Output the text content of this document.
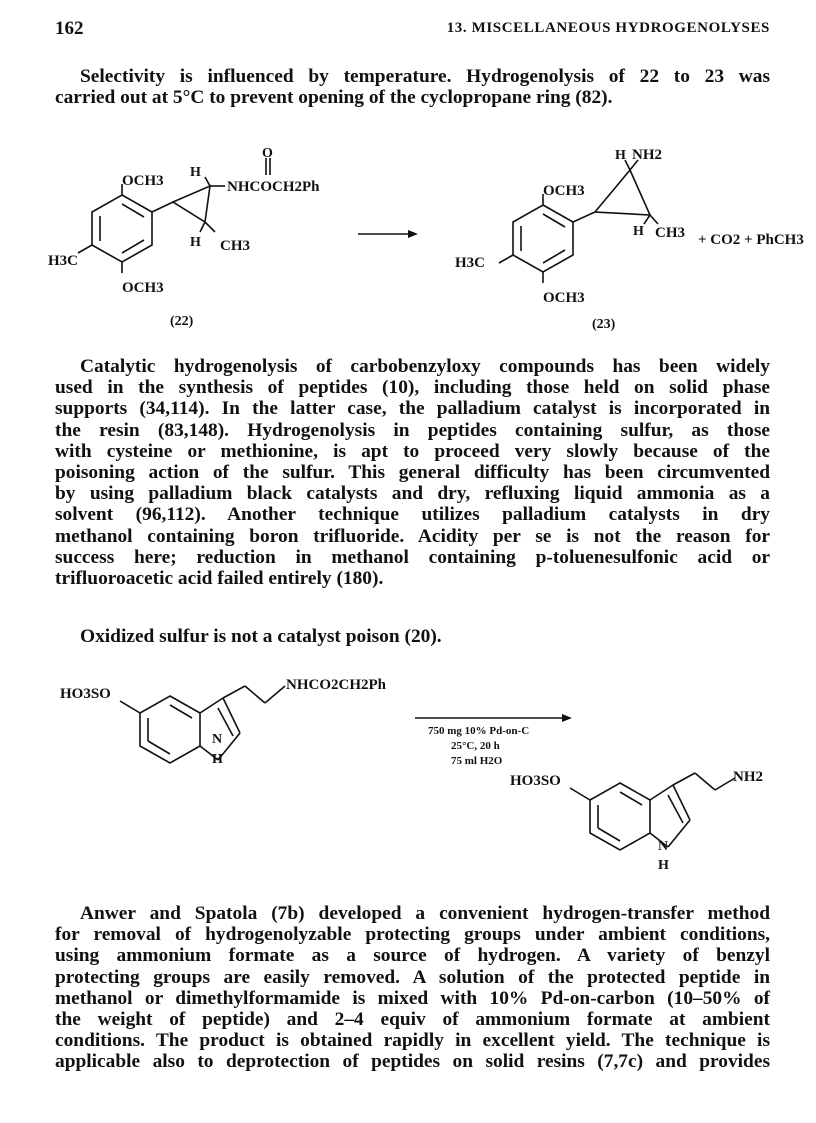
162	13. MISCELLANEOUS HYDROGENOLYSES

Selectivity is influenced by temperature. Hydrogenolysis of 22 to 23 was
carried out at 5°C to prevent opening of the cyclopropane ring (82).

OCH3
OCH3
H3C
H
O
NHCOCH2Ph
H CH3
(22)
OCH3
OCH3
H3C
H NH2
H CH3 + CO2 + PhCH3
(23)

Catalytic hydrogenolysis of carbobenzyloxy compounds has been widely
used in the synthesis of peptides (10), including those held on solid phase
supports (34,114). In the latter case, the palladium catalyst is incorporated in
the resin (83,148). Hydrogenolysis in peptides containing sulfur, as those
with cysteine or methionine, is apt to proceed very slowly because of the
poisoning action of the sulfur. This general difficulty has been circumvented
by using palladium black catalysts and dry, refluxing liquid ammonia as a
solvent (96,112). Another technique utilizes palladium catalysts in dry
methanol containing boron trifluoride. Acidity per se is not the reason for
success here; reduction in methanol containing p-toluenesulfonic acid or
trifluoroacetic acid failed entirely (180).

Oxidized sulfur is not a catalyst poison (20).

HO3SO
NHCO2CH2Ph
N
H
750 mg 10% Pd-on-C
25°C, 20 h
75 ml H2O
HO3SO	NH2
N
H

Anwer and Spatola (7b) developed a convenient hydrogen-transfer method
for removal of hydrogenolyzable protecting groups under ambient conditions,
using ammonium formate as a source of hydrogen. A variety of benzyl
protecting groups are easily removed. A solution of the protected peptide in
methanol or dimethylformamide is mixed with 10% Pd-on-carbon (10–50% of
the weight of peptide) and 2–4 equiv of ammonium formate at ambient
conditions. The product is obtained rapidly in excellent yield. The technique is
applicable also to deprotection of peptides on solid resins (7,7c) and provides
